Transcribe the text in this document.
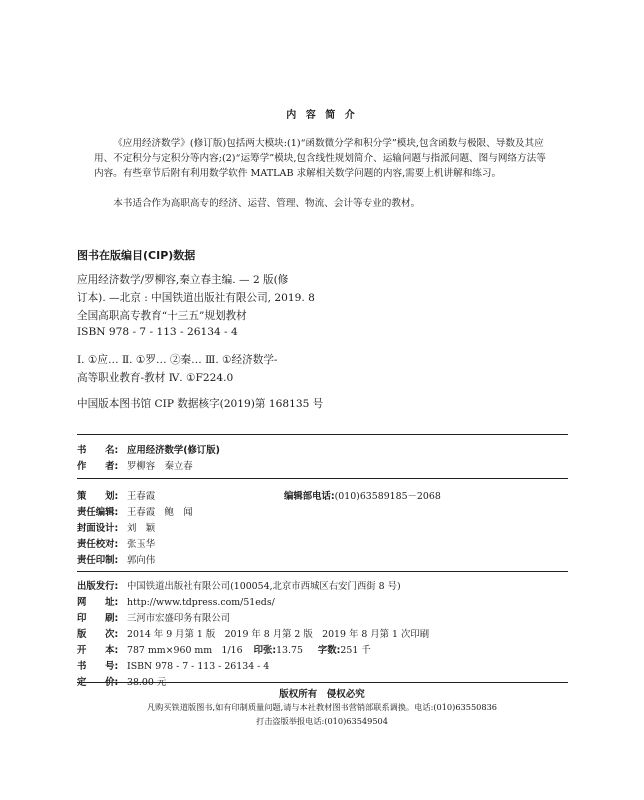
内 容 简 介
《应用经济数学》(修订版)包括两大模块:(1)“函数微分学和积分学”模块,包含函数与极限、导数及其应用、不定积分与定积分等内容;(2)“运筹学”模块,包含线性规划简介、运输问题与指派问题、图与网络方法等内容。有些章节后附有利用数学软件 MATLAB 求解相关数学问题的内容,需要上机讲解和练习。
本书适合作为高职高专的经济、运营、管理、物流、会计等专业的教材。
图书在版编目(CIP)数据
应用经济数学/罗柳容,秦立春主编. — 2 版(修
订本). —北京 : 中国铁道出版社有限公司, 2019. 8
全国高职高专教育“十三五”规划教材
ISBN 978 - 7 - 113 - 26134 - 4
Ⅰ. ①应… Ⅱ. ①罗… ②秦… Ⅲ. ①经济数学-
高等职业教育-教材 Ⅳ. ①F224.0
中国版本图书馆 CIP 数据核字(2019)第 168135 号
书　　名: 应用经济数学(修订版)
作　　者: 罗柳容　秦立春
策　　划: 王春霞	编辑部电话:(010)63589185－2068
责任编辑: 王春霞　鲍　闻
封面设计: 刘　颖
责任校对: 张玉华
责任印制: 郭向伟
出版发行: 中国铁道出版社有限公司(100054,北京市西城区右安门西街 8 号)
网　　址: http://www.tdpress.com/51eds/
印　　刷: 三河市宏盛印务有限公司
版　　次: 2014 年 9 月第 1 版　2019 年 8 月第 2 版　2019 年 8 月第 1 次印刷
开　　本: 787 mm×960 mm　1/16 印张:13.75 字数:251 千
书　　号: ISBN 978 - 7 - 113 - 26134 - 4
定　　价: 38.00 元
版权所有　侵权必究
凡购买铁道版图书,如有印制质量问题,请与本社教材图书营销部联系调换。电话:(010)63550836
打击盗版举报电话:(010)63549504
